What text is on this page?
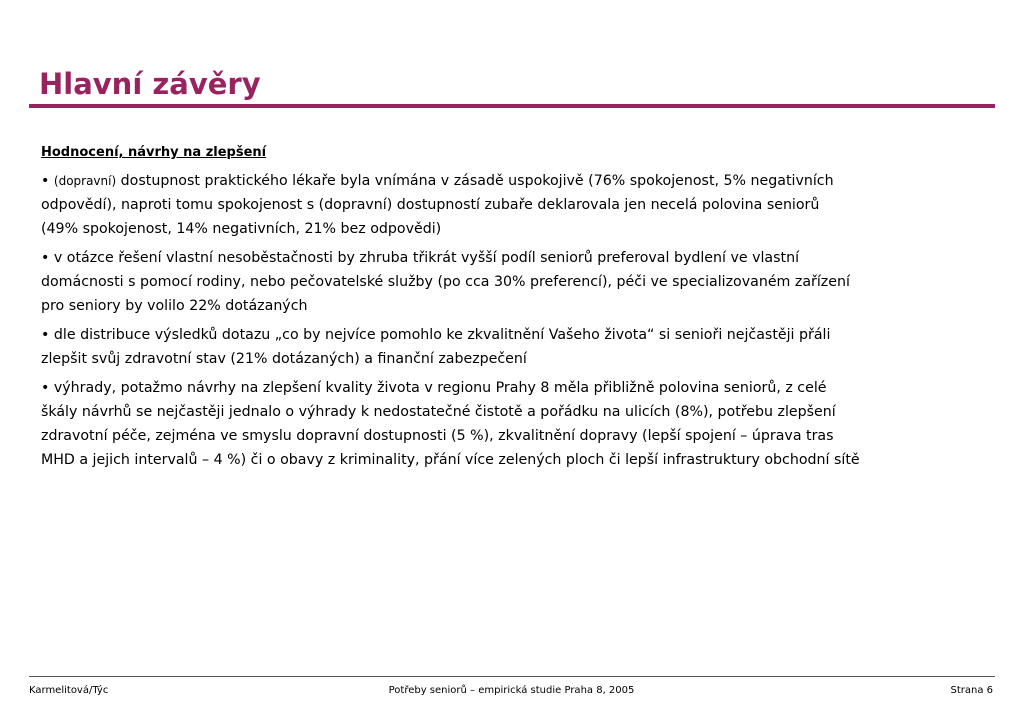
Hlavní závěry

Hodnocení, návrhy na zlepšení

• (dopravní) dostupnost praktického lékaře byla vnímána v zásadě uspokojivě (76% spokojenost, 5% negativních
odpovědí), naproti tomu spokojenost s (dopravní) dostupností zubaře deklarovala jen necelá polovina seniorů
(49% spokojenost, 14% negativních, 21% bez odpovědi)

• v otázce řešení vlastní nesoběstačnosti by zhruba třikrát vyšší podíl seniorů preferoval bydlení ve vlastní
domácnosti s pomocí rodiny, nebo pečovatelské služby (po cca 30% preferencí), péči ve specializovaném zařízení
pro seniory by volilo 22% dotázaných

• dle distribuce výsledků dotazu „co by nejvíce pomohlo ke zkvalitnění Vašeho života“ si senioři nejčastěji přáli
zlepšit svůj zdravotní stav (21% dotázaných) a finanční zabezpečení

• výhrady, potažmo návrhy na zlepšení kvality života v regionu Prahy 8 měla přibližně polovina seniorů, z celé
škály návrhů se nejčastěji jednalo o výhrady k nedostatečné čistotě a pořádku na ulicích (8%), potřebu zlepšení
zdravotní péče, zejména ve smyslu dopravní dostupnosti (5 %), zkvalitnění dopravy (lepší spojení – úprava tras
MHD a jejich intervalů – 4 %) či o obavy z kriminality, přání více zelených ploch či lepší infrastruktury obchodní sítě

Potřeby seniorů – empirická studie Praha 8, 2005
Karmelitová/Týc	Strana 6
